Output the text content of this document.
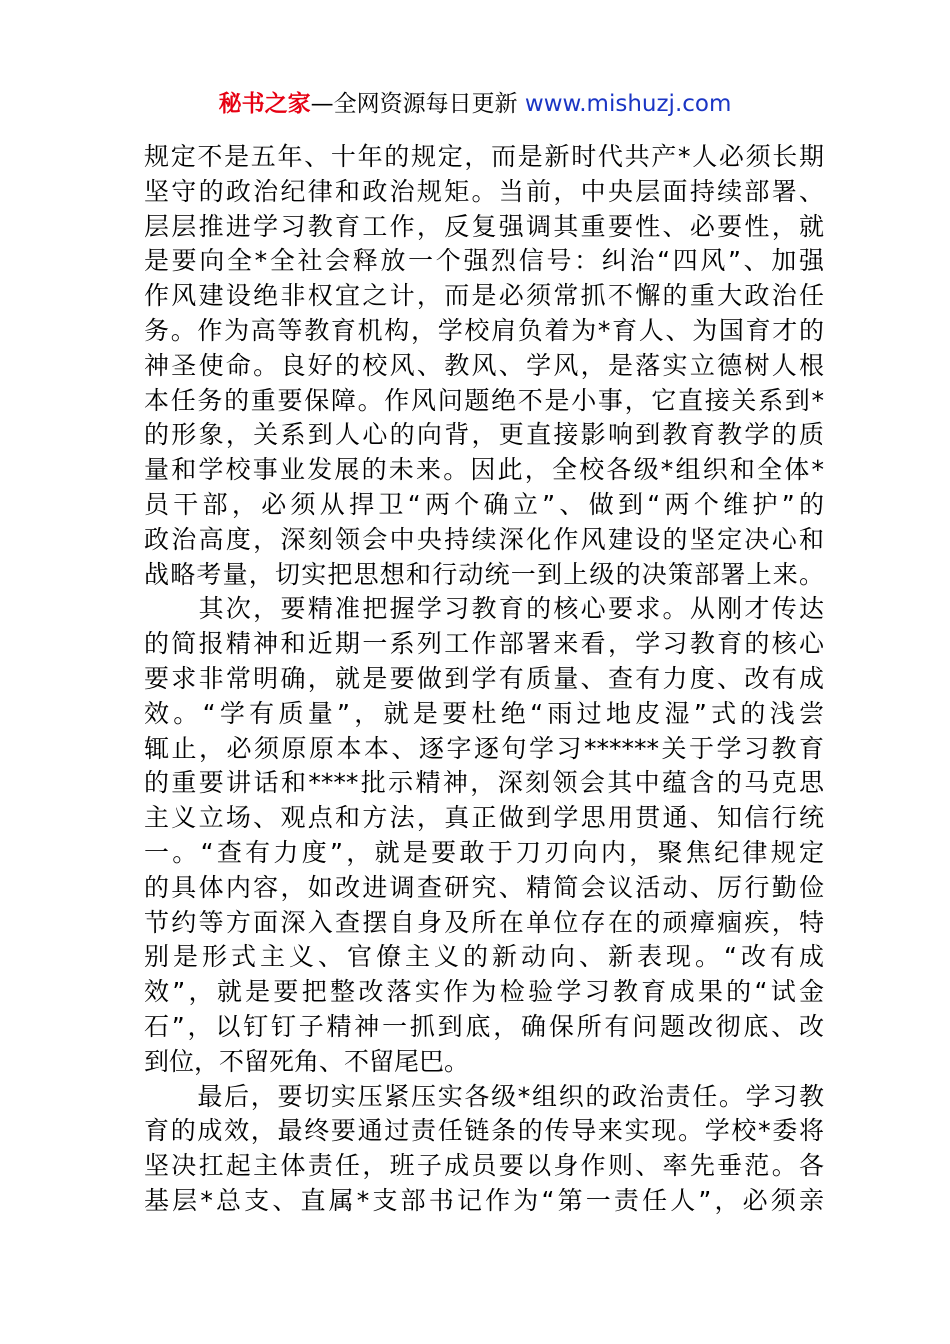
秘书之家—全网资源每日更新 www.mishuzj.com
规定不是五年、十年的规定，而是新时代共产*人必须长期
坚守的政治纪律和政治规矩。当前，中央层面持续部署、
层层推进学习教育工作，反复强调其重要性、必要性，就
是要向全*全社会释放一个强烈信号：纠治“四风”、加强
作风建设绝非权宜之计，而是必须常抓不懈的重大政治任
务。作为高等教育机构，学校肩负着为*育人、为国育才的
神圣使命。良好的校风、教风、学风，是落实立德树人根
本任务的重要保障。作风问题绝不是小事，它直接关系到*
的形象，关系到人心的向背，更直接影响到教育教学的质
量和学校事业发展的未来。因此，全校各级*组织和全体*
员干部，必须从捍卫“两个确立”、做到“两个维护”的
政治高度，深刻领会中央持续深化作风建设的坚定决心和
战略考量，切实把思想和行动统一到上级的决策部署上来。
　　其次，要精准把握学习教育的核心要求。从刚才传达
的简报精神和近期一系列工作部署来看，学习教育的核心
要求非常明确，就是要做到学有质量、查有力度、改有成
效。“学有质量”，就是要杜绝“雨过地皮湿”式的浅尝
辄止，必须原原本本、逐字逐句学习******关于学习教育
的重要讲话和****批示精神，深刻领会其中蕴含的马克思
主义立场、观点和方法，真正做到学思用贯通、知信行统
一。“查有力度”，就是要敢于刀刃向内，聚焦纪律规定
的具体内容，如改进调查研究、精简会议活动、厉行勤俭
节约等方面深入查摆自身及所在单位存在的顽瘴痼疾，特
别是形式主义、官僚主义的新动向、新表现。“改有成
效”，就是要把整改落实作为检验学习教育成果的“试金
石”，以钉钉子精神一抓到底，确保所有问题改彻底、改
到位，不留死角、不留尾巴。
　　最后，要切实压紧压实各级*组织的政治责任。学习教
育的成效，最终要通过责任链条的传导来实现。学校*委将
坚决扛起主体责任，班子成员要以身作则、率先垂范。各
基层*总支、直属*支部书记作为“第一责任人”，必须亲
